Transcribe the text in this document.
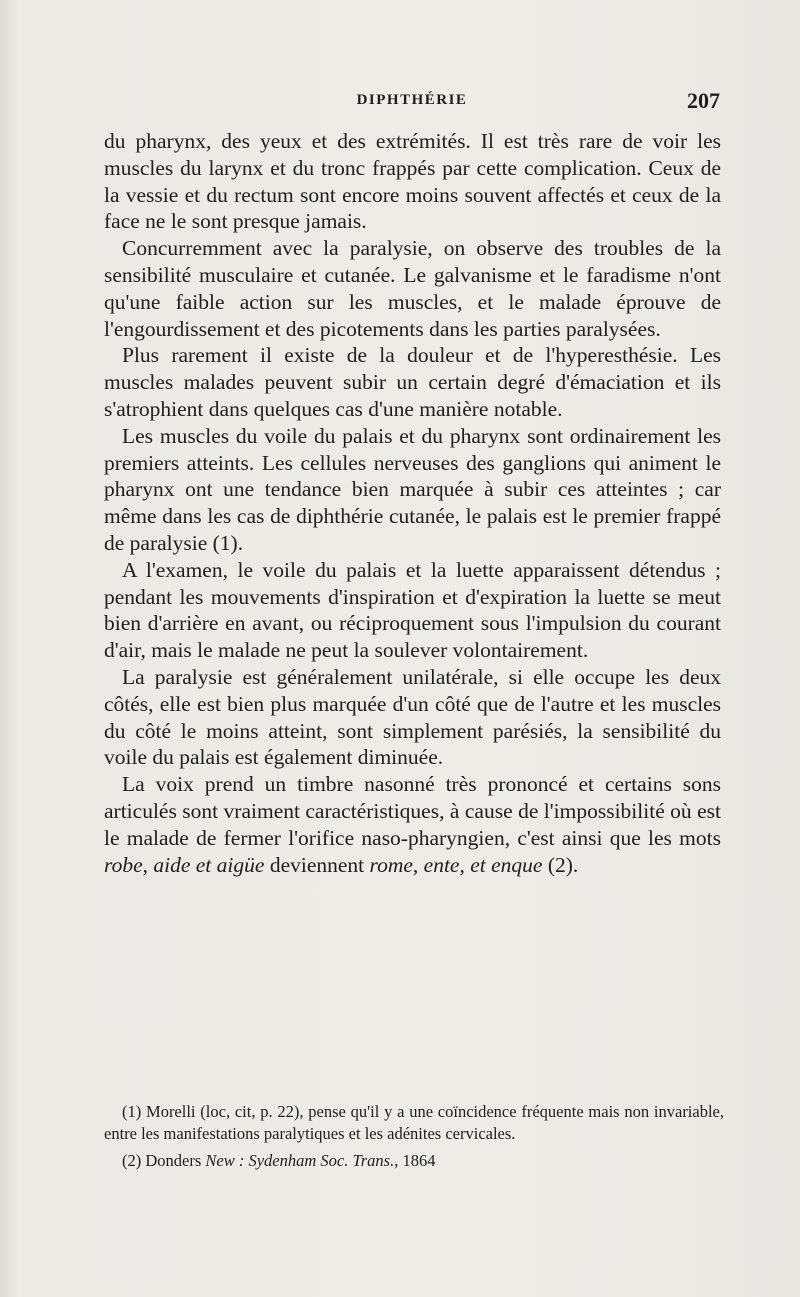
DIPHTHÉRIE	207

du pharynx, des yeux et des extrémités. Il est très rare de voir les muscles du larynx et du tronc frappés par cette complication. Ceux de la vessie et du rectum sont encore moins souvent affectés et ceux de la face ne le sont presque jamais.

Concurremment avec la paralysie, on observe des troubles de la sensibilité musculaire et cutanée. Le galvanisme et le faradisme n'ont qu'une faible action sur les muscles, et le malade éprouve de l'engourdissement et des picotements dans les parties paralysées.

Plus rarement il existe de la douleur et de l'hyperesthésie. Les muscles malades peuvent subir un certain degré d'émaciation et ils s'atrophient dans quelques cas d'une manière notable.

Les muscles du voile du palais et du pharynx sont ordinairement les premiers atteints. Les cellules nerveuses des ganglions qui animent le pharynx ont une tendance bien marquée à subir ces atteintes ; car même dans les cas de diphthérie cutanée, le palais est le premier frappé de paralysie (1).

A l'examen, le voile du palais et la luette apparaissent détendus ; pendant les mouvements d'inspiration et d'expiration la luette se meut bien d'arrière en avant, ou réciproquement sous l'impulsion du courant d'air, mais le malade ne peut la soulever volontairement.

La paralysie est généralement unilatérale, si elle occupe les deux côtés, elle est bien plus marquée d'un côté que de l'autre et les muscles du côté le moins atteint, sont simplement parésiés, la sensibilité du voile du palais est également diminuée.

La voix prend un timbre nasonné très prononcé et certains sons articulés sont vraiment caractéristiques, à cause de l'impossibilité où est le malade de fermer l'orifice naso-pharyngien, c'est ainsi que les mots robe, aide et aigüe deviennent rome, ente, et enque (2).

(1) Morelli (loc, cit, p. 22), pense qu'il y a une coïncidence fréquente mais non invariable, entre les manifestations paralytiques et les adénites cervicales.

(2) Donders New : Sydenham Soc. Trans., 1864
